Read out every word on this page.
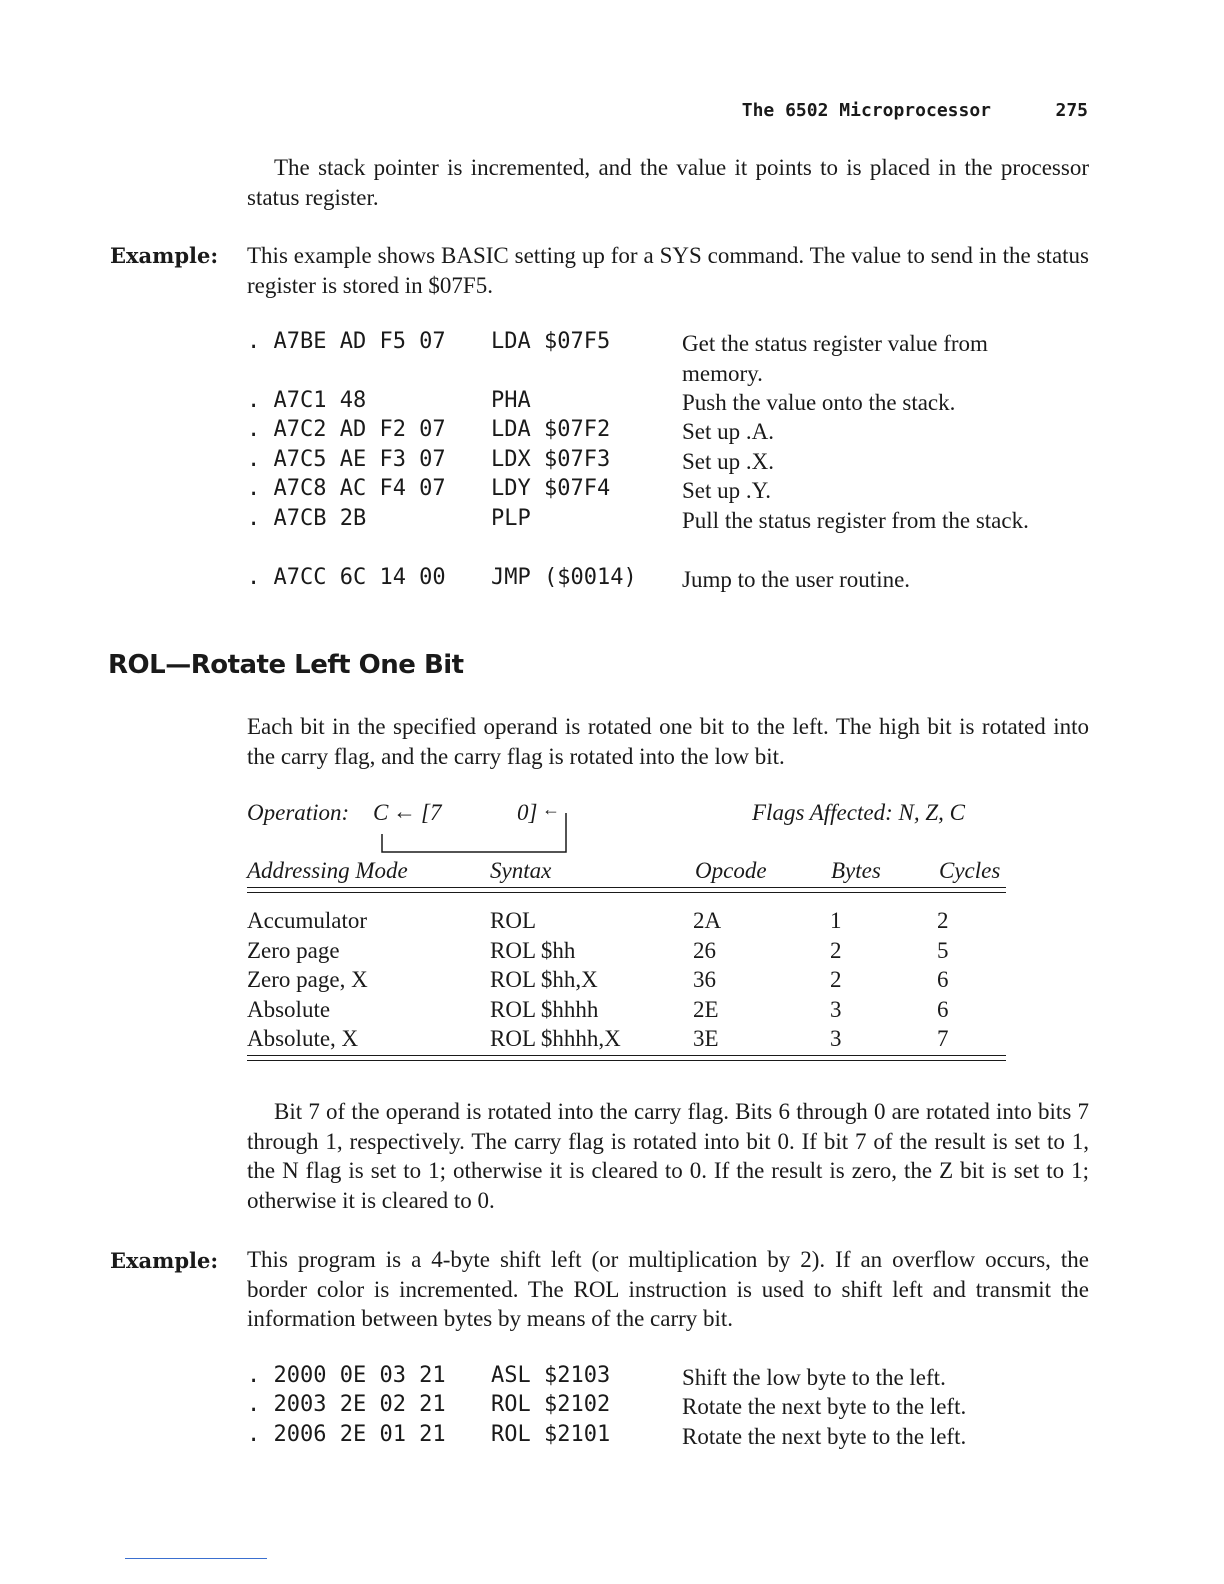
The 6502 Microprocessor	275

The stack pointer is incremented, and the value it points to is placed in the processor status register.

Example: This example shows BASIC setting up for a SYS command. The value to send in the status register is stored in $07F5.

. A7BE AD F5 07 LDA $07F5	Get the status register value from memory.
. A7C1 48	PHA	Push the value onto the stack.
. A7C2 AD F2 07 LDA $07F2	Set up .A.
. A7C5 AE F3 07 LDX $07F3	Set up .X.
. A7C8 AC F4 07 LDY $07F4	Set up .Y.
. A7CB 2B	PLP	Pull the status register from the stack.
. A7CC 6C 14 00 JMP ($0014) Jump to the user routine.
ROL—Rotate Left One Bit

Each bit in the specified operand is rotated one bit to the left. The high bit is rotated into the carry flag, and the carry flag is rotated into the low bit.

Operation: C ← [7	0] ←	Flags Affected: N, Z, C
Addressing Mode	Syntax	Opcode	Bytes	Cycles
Accumulator	ROL	2A	1	2
Zero page	ROL $hh	26	2	5
Zero page, X	ROL $hh,X	36	2	6
Absolute	ROL $hhhh	2E	3	6
Absolute, X	ROL $hhhh,X	3E	3	7

Bit 7 of the operand is rotated into the carry flag. Bits 6 through 0 are rotated into bits 7 through 1, respectively. The carry flag is rotated into bit 0. If bit 7 of the result is set to 1, the N flag is set to 1; otherwise it is cleared to 0. If the result is zero, the Z bit is set to 1; otherwise it is cleared to 0.

Example: This program is a 4-byte shift left (or multiplication by 2). If an overflow occurs, the border color is incremented. The ROL instruction is used to shift left and transmit the information between bytes by means of the carry bit.

. 2000 0E 03 21 ASL $2103	Shift the low byte to the left.
. 2003 2E 02 21 ROL $2102	Rotate the next byte to the left.
. 2006 2E 01 21 ROL $2101	Rotate the next byte to the left.
